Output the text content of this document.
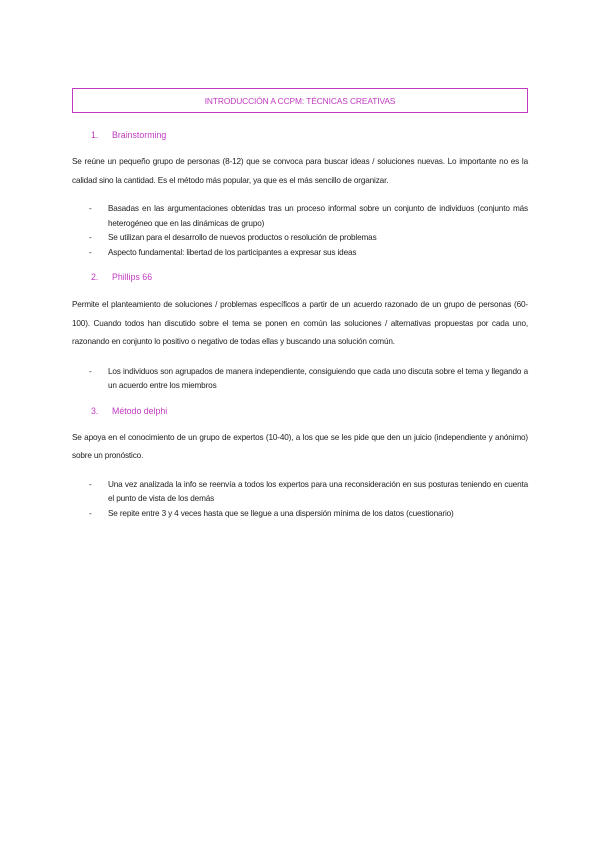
INTRODUCCIÓN A CCPM: TÉCNICAS CREATIVAS
1.	Brainstorming

Se reúne un pequeño grupo de personas (8-12) que se convoca para buscar ideas / soluciones nuevas. Lo importante no es la calidad sino la cantidad. Es el método más popular, ya que es el más sencillo de organizar.

- Basadas en las argumentaciones obtenidas tras un proceso informal sobre un conjunto de individuos (conjunto más heterogéneo que en las dinámicas de grupo)
- Se utilizan para el desarrollo de nuevos productos o resolución de problemas
- Aspecto fundamental: libertad de los participantes a expresar sus ideas
2.	Phillips 66

Permite el planteamiento de soluciones / problemas específicos a partir de un acuerdo razonado de un grupo de personas (60-100). Cuando todos han discutido sobre el tema se ponen en común las soluciones / alternativas propuestas por cada uno, razonando en conjunto lo positivo o negativo de todas ellas y buscando una solución común.

- Los individuos son agrupados de manera independiente, consiguiendo que cada uno discuta sobre el tema y llegando a un acuerdo entre los miembros
3.	Método delphi

Se apoya en el conocimiento de un grupo de expertos (10-40), a los que se les pide que den un juicio (independiente y anónimo) sobre un pronóstico.

- Una vez analizada la info se reenvía a todos los expertos para una reconsideración en sus posturas teniendo en cuenta el punto de vista de los demás
- Se repite entre 3 y 4 veces hasta que se llegue a una dispersión mínima de los datos (cuestionario)
